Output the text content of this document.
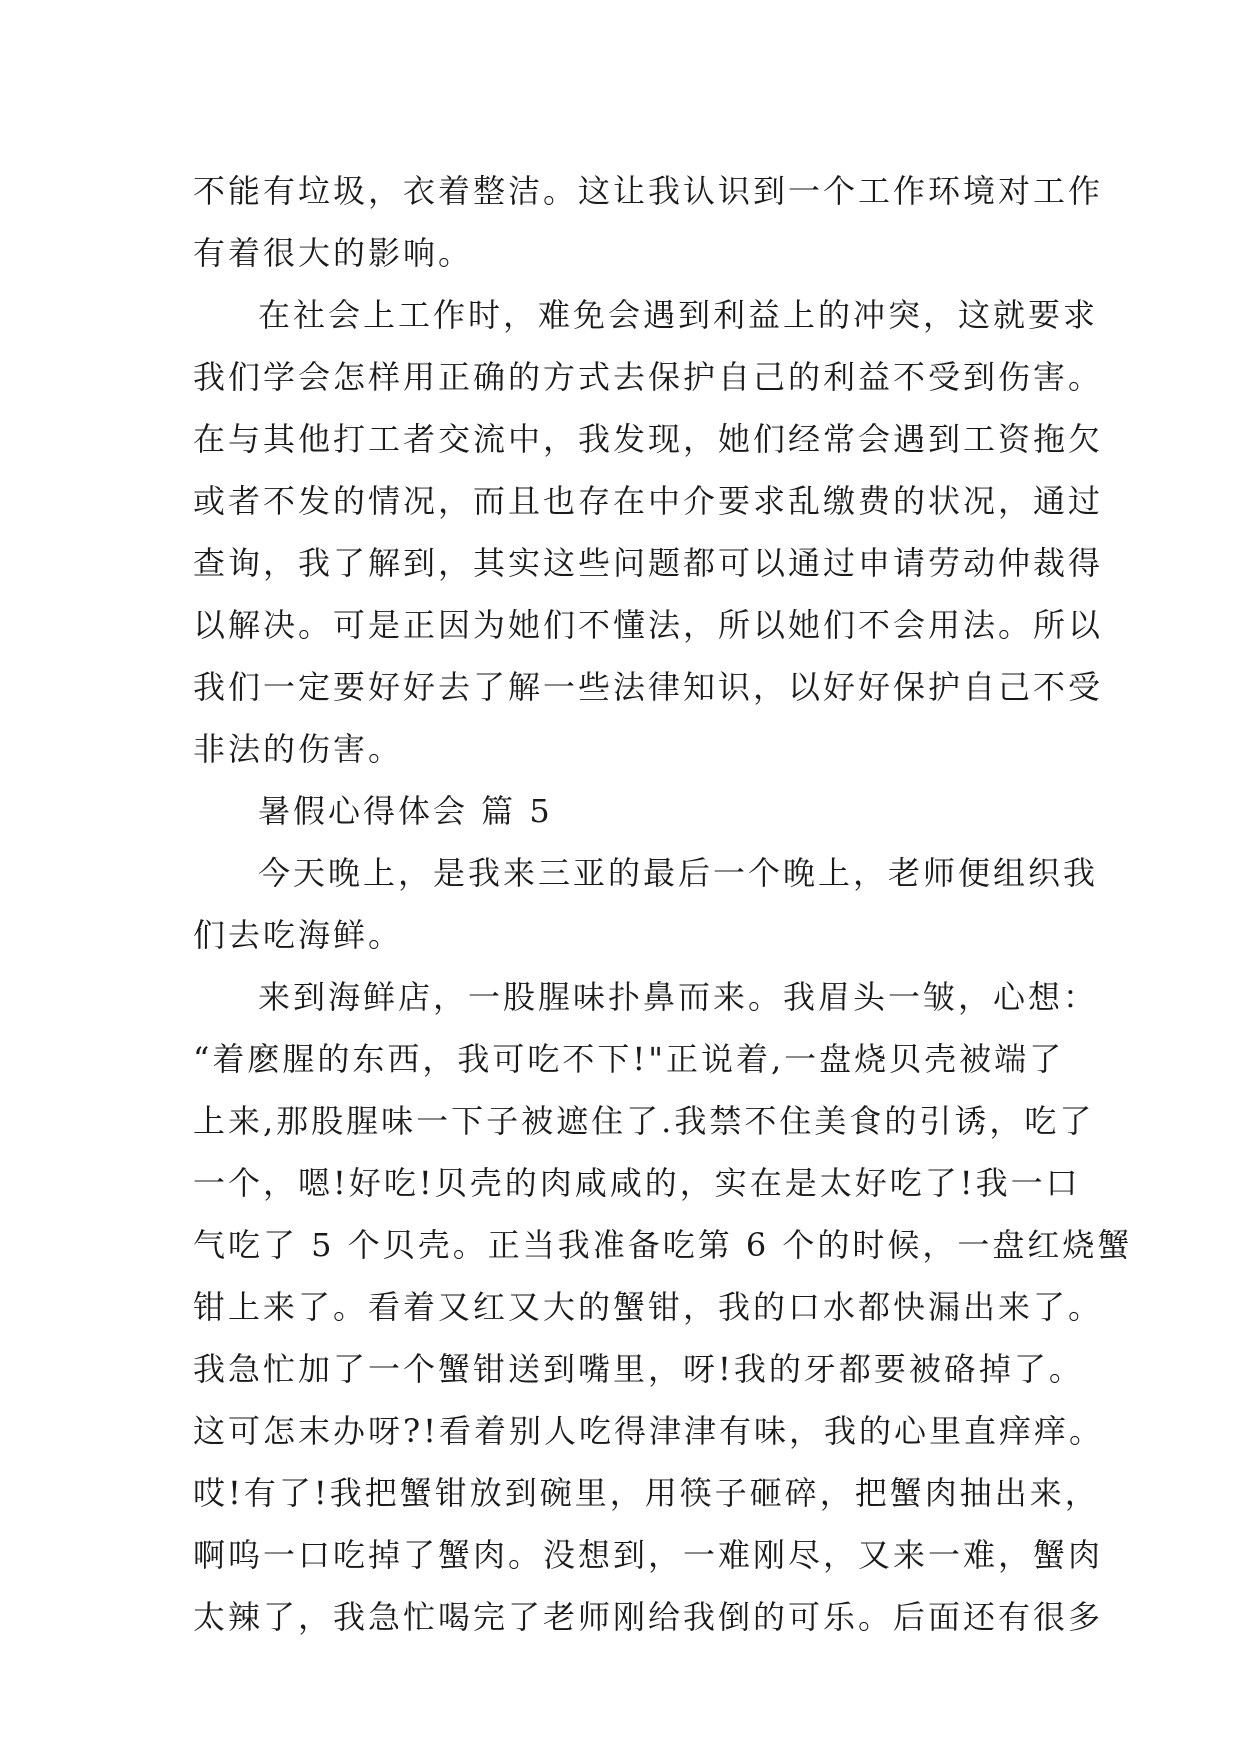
不能有垃圾，衣着整洁。这让我认识到一个工作环境对工作
有着很大的影响。
在社会上工作时，难免会遇到利益上的冲突，这就要求
我们学会怎样用正确的方式去保护自己的利益不受到伤害。
在与其他打工者交流中，我发现，她们经常会遇到工资拖欠
或者不发的情况，而且也存在中介要求乱缴费的状况，通过
查询，我了解到，其实这些问题都可以通过申请劳动仲裁得
以解决。可是正因为她们不懂法，所以她们不会用法。所以
我们一定要好好去了解一些法律知识，以好好保护自己不受
非法的伤害。
暑假心得体会 篇 5
今天晚上，是我来三亚的最后一个晚上，老师便组织我
们去吃海鲜。
来到海鲜店，一股腥味扑鼻而来。我眉头一皱，心想：
“着麽腥的东西，我可吃不下!"正说着,一盘烧贝壳被端了
上来,那股腥味一下子被遮住了.我禁不住美食的引诱，吃了
一个，嗯!好吃!贝壳的肉咸咸的，实在是太好吃了!我一口
气吃了 5 个贝壳。正当我准备吃第 6 个的时候，一盘红烧蟹
钳上来了。看着又红又大的蟹钳，我的口水都快漏出来了。
我急忙加了一个蟹钳送到嘴里，呀!我的牙都要被硌掉了。
这可怎末办呀?!看着别人吃得津津有味，我的心里直痒痒。
哎!有了!我把蟹钳放到碗里，用筷子砸碎，把蟹肉抽出来，
啊呜一口吃掉了蟹肉。没想到，一难刚尽，又来一难，蟹肉
太辣了，我急忙喝完了老师刚给我倒的可乐。后面还有很多
